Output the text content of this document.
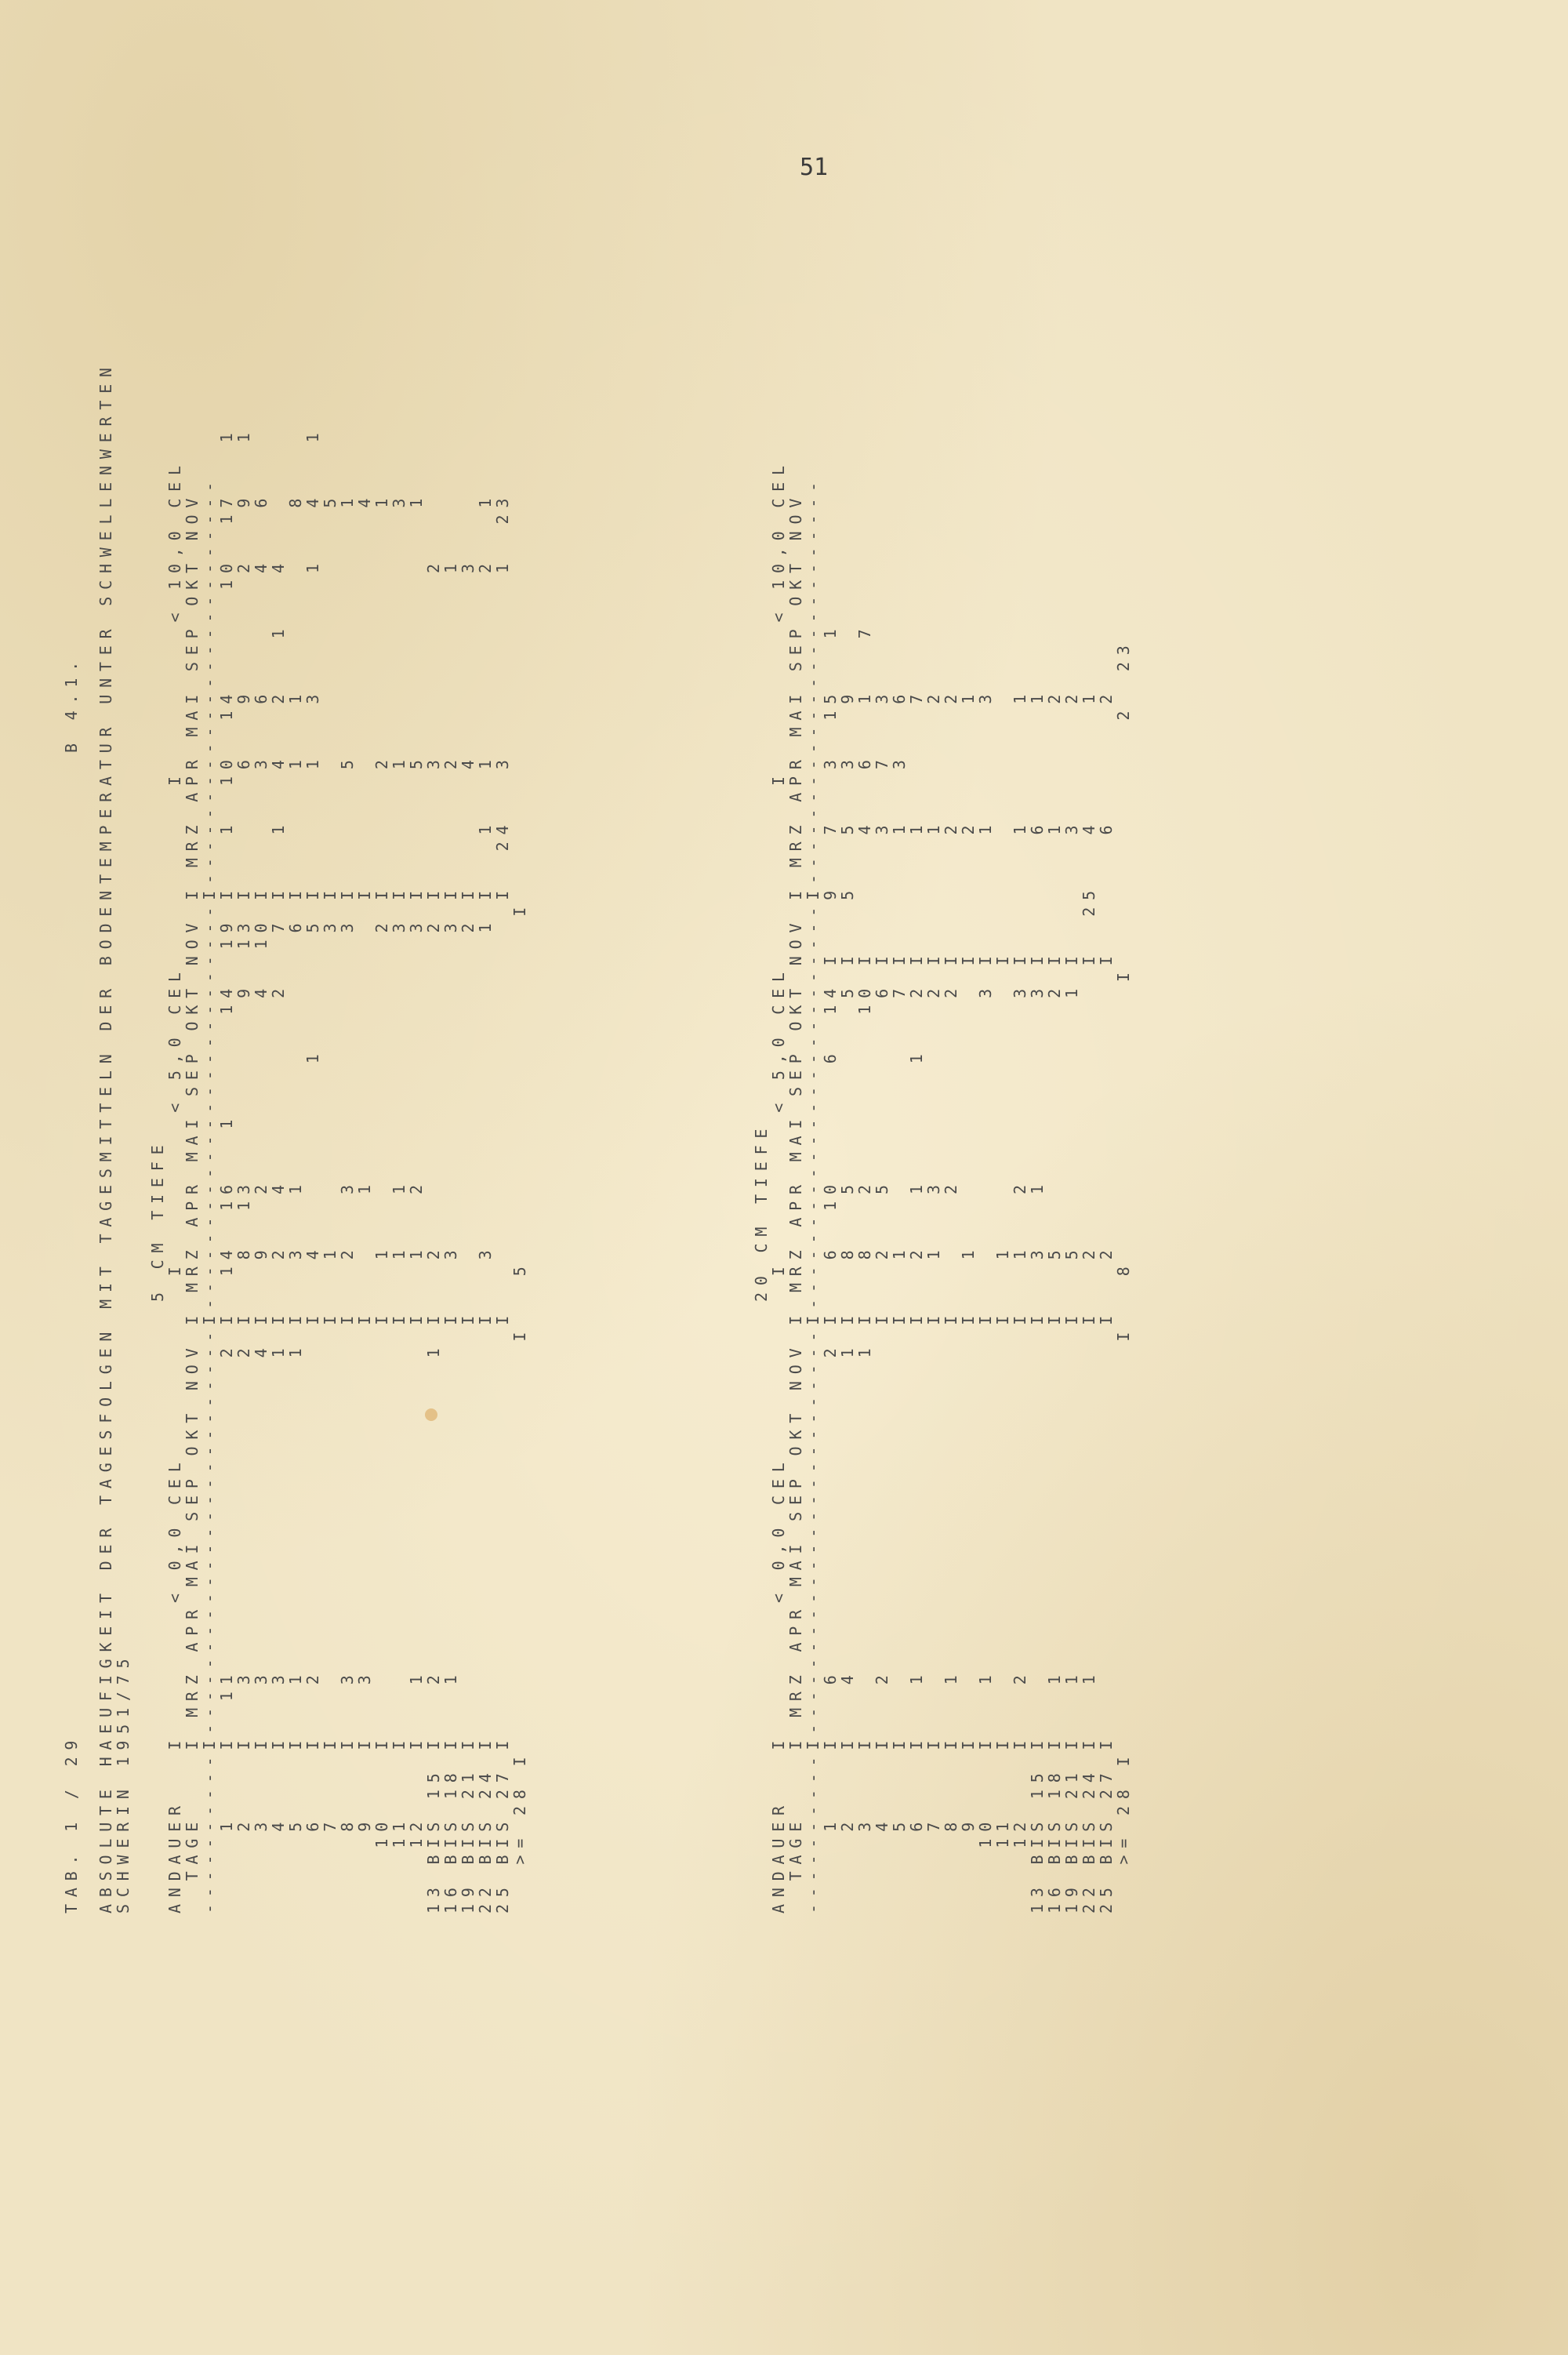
51
TAB. 1 / 29
B 4.1. ABSOLUTE HAEUFIGKEIT DER TAGESFOLGEN MIT TAGESMITTELN DER BODENTEMPERATUR UNTER SCHWELLENWERTEN
SCHWERIN 1951/75
5 CM TIEFE
ANDAUER   I        < 0,0 CEL           I         < 5,0 CEL           I         < 10,0 CEL
TAGE    I MRZ APR MAI SEP OKT NOV I MRZ APR MAI SEP OKT NOV I MRZ APR MAI SEP OKT NOV
----------I-------------------------I-------------------------I-------------------------
1    I  11                   2 I  14  16   1      14  19 I   1  10  14      10  17   1
2    I   3                   2 I   8  13           9  13 I       6   9       2   9   1
3    I   3                   4 I   9   2           4  10 I       3   6       4   6
4    I   3                   1 I   2   4           2   7 I   1   4   2   1   4
5    I   1                   1 I   3   1               6 I       1   1           8
6    I   2                     I   4           1       5 I       1   3       1   4   1
7    I                         I   1                   3 I                       5
8    I   3                     I   2   3               3 I       5               1
9    I   3                     I       1                 I                       4
10    I                         I   1                   2 I       2               1
11    I                         I   1   1               3 I       1               3
12    I   1                     I   1   2               3 I       5               1
13 BIS 15 I   2                   1 I   2                   2 I       3           2
16 BIS 18 I   1                     I   3                   3 I       2           1
19 BIS 21 I                         I                       2 I       4           3
22 BIS 24 I                         I   3                   1 I   1   1           2   1
25 BIS 27 I                         I                         I  24   3           1  23
>= 28 I                         I   5                     I	20 CM TIEFE
ANDAUER   I        < 0,0 CEL           I         < 5,0 CEL           I         < 10,0 CEL
TAGE    I MRZ APR MAI SEP OKT NOV I MRZ APR MAI SEP OKT NOV I MRZ APR MAI SEP OKT NOV
----------I-------------------------I-------------------------I-------------------------
1    I   6                   2 I   6  10       6  14 I   9   7   3  15   1
2    I   4                   1 I   8   5           5 I   5   5   3   9
3    I                       1 I   8   2          10 I       4   6   1   7
4    I   2                     I   2   5           6 I       3   7   3
5    I                         I   1               7 I       1   3   6
6    I   1                     I   2   1       1   2 I       1       7
7    I                         I   1   3           2 I       1       2
8    I   1                     I       2           2 I       2       2
9    I                         I   1                 I       2       1
10    I   1                     I                   3 I       1       3
11    I                         I   1                 I
12    I   2                     I   1   2           3 I       1       1
13 BIS 15 I                         I   3   1           3 I       6       1
16 BIS 18 I   1                     I   5               2 I       1       2
19 BIS 21 I   1                     I   5               1 I       3       2
22 BIS 24 I   1                     I   2                 I  25   4       1
25 BIS 27 I                         I   2                 I       6       2
>= 28 I                         I   8                 I               2  23
